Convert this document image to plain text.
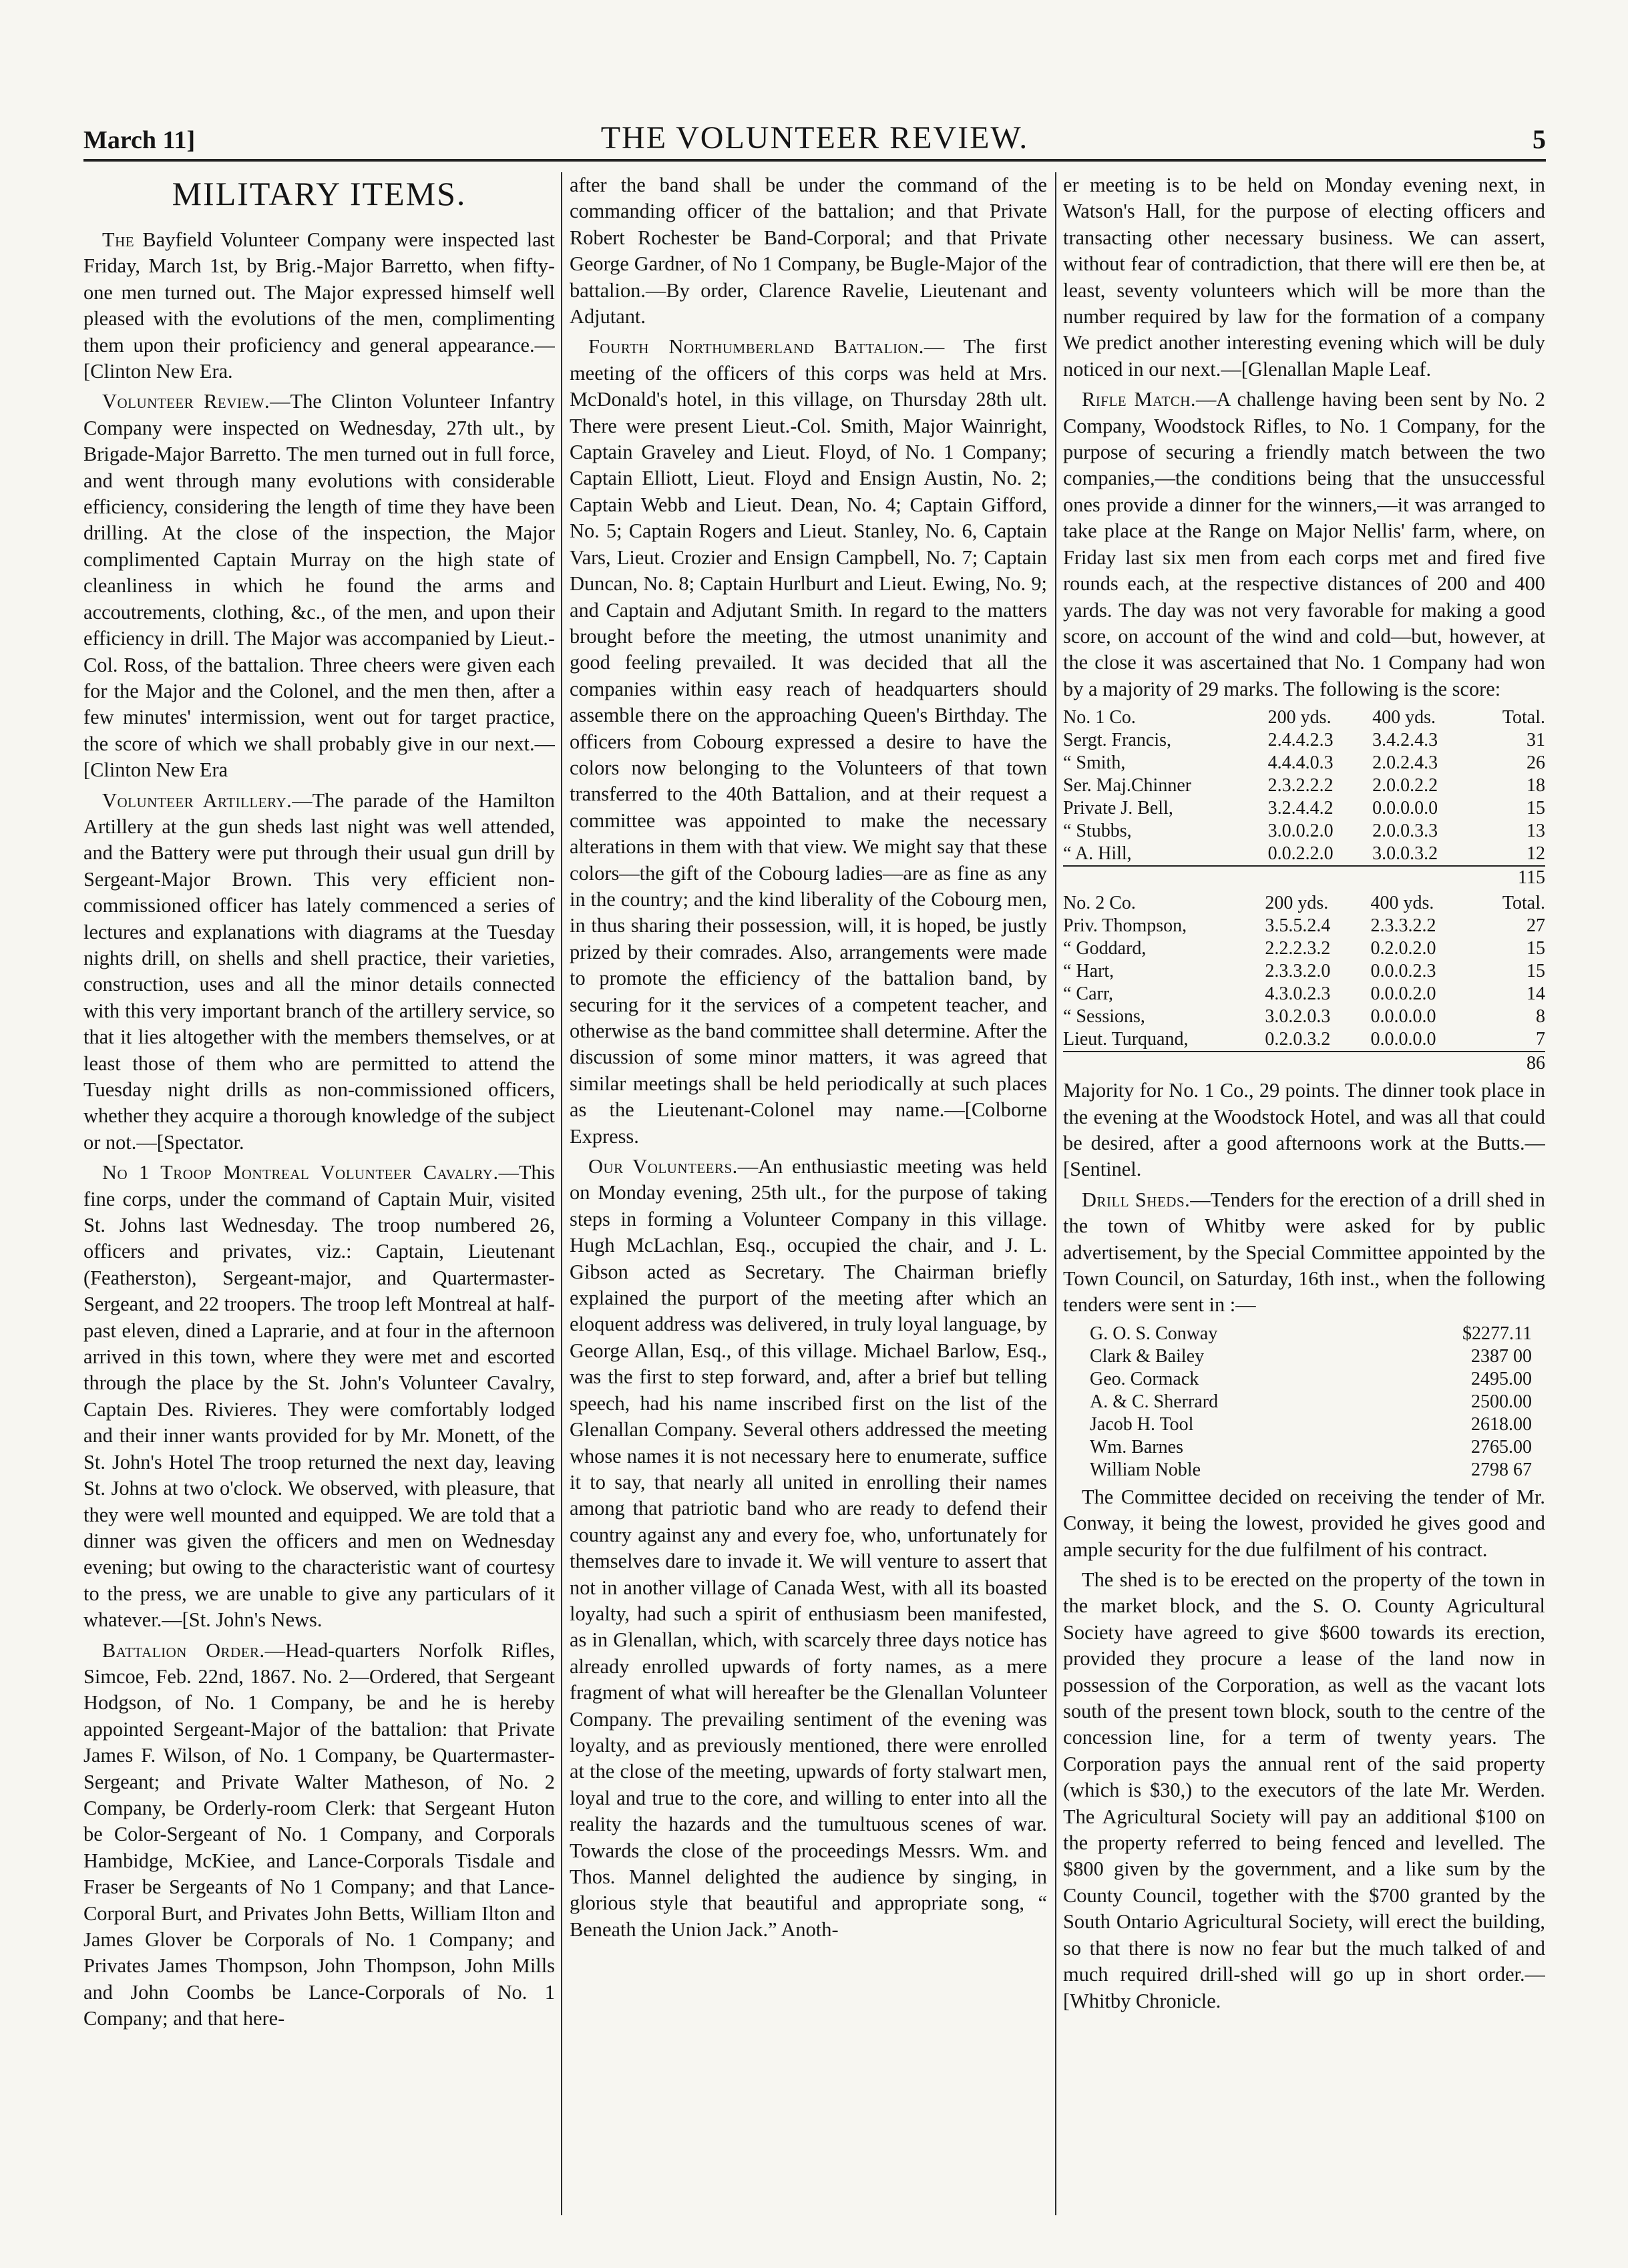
March 11]	THE VOLUNTEER REVIEW.	5
MILITARY ITEMS.

The Bayfield Volunteer Company were inspected last Friday, March 1st, by Brig.-Major Barretto, when fifty-one men turned out. The Major expressed himself well pleased with the evolutions of the men, complimenting them upon their proficiency and general appearance.—[Clinton New Era.

Volunteer Review.—The Clinton Volunteer Infantry Company were inspected on Wednesday, 27th ult., by Brigade-Major Barretto. The men turned out in full force, and went through many evolutions with considerable efficiency, considering the length of time they have been drilling. At the close of the inspection, the Major complimented Captain Murray on the high state of cleanliness in which he found the arms and accoutrements, clothing, &c., of the men, and upon their efficiency in drill. The Major was accompanied by Lieut.-Col. Ross, of the battalion. Three cheers were given each for the Major and the Colonel, and the men then, after a few minutes' intermission, went out for target practice, the score of which we shall probably give in our next.—[Clinton New Era

Volunteer Artillery.—The parade of the Hamilton Artillery at the gun sheds last night was well attended, and the Battery were put through their usual gun drill by Sergeant-Major Brown. This very efficient non-commissioned officer has lately commenced a series of lectures and explanations with diagrams at the Tuesday nights drill, on shells and shell practice, their varieties, construction, uses and all the minor details connected with this very important branch of the artillery service, so that it lies altogether with the members themselves, or at least those of them who are permitted to attend the Tuesday night drills as non-commissioned officers, whether they acquire a thorough knowledge of the subject or not.—[Spectator.

No 1 Troop Montreal Volunteer Cavalry.—This fine corps, under the command of Captain Muir, visited St. Johns last Wednesday. The troop numbered 26, officers and privates, viz.: Captain, Lieutenant (Featherston), Sergeant-major, and Quartermaster-Sergeant, and 22 troopers. The troop left Montreal at half-past eleven, dined a Laprarie, and at four in the afternoon arrived in this town, where they were met and escorted through the place by the St. John's Volunteer Cavalry, Captain Des. Rivieres. They were comfortably lodged and their inner wants provided for by Mr. Monett, of the St. John's Hotel The troop returned the next day, leaving St. Johns at two o'clock. We observed, with pleasure, that they were well mounted and equipped. We are told that a dinner was given the officers and men on Wednesday evening; but owing to the characteristic want of courtesy to the press, we are unable to give any particulars of it whatever.—[St. John's News.

Battalion Order.—Head-quarters Norfolk Rifles, Simcoe, Feb. 22nd, 1867. No. 2—Ordered, that Sergeant Hodgson, of No. 1 Company, be and he is hereby appointed Sergeant-Major of the battalion: that Private James F. Wilson, of No. 1 Company, be Quartermaster-Sergeant; and Private Walter Matheson, of No. 2 Company, be Orderly-room Clerk: that Sergeant Huton be Color-Sergeant of No. 1 Company, and Corporals Hambidge, McKiee, and Lance-Corporals Tisdale and Fraser be Sergeants of No 1 Company; and that Lance-Corporal Burt, and Privates John Betts, William Ilton and James Glover be Corporals of No. 1 Company; and Privates James Thompson, John Thompson, John Mills and John Coombs be Lance-Corporals of No. 1 Company; and that here-

after the band shall be under the command of the commanding officer of the battalion; and that Private Robert Rochester be Band-Corporal; and that Private George Gardner, of No 1 Company, be Bugle-Major of the battalion.—By order, Clarence Ravelie, Lieutenant and Adjutant.

Fourth Northumberland Battalion.— The first meeting of the officers of this corps was held at Mrs. McDonald's hotel, in this village, on Thursday 28th ult. There were present Lieut.-Col. Smith, Major Wainright, Captain Graveley and Lieut. Floyd, of No. 1 Company; Captain Elliott, Lieut. Floyd and Ensign Austin, No. 2; Captain Webb and Lieut. Dean, No. 4; Captain Gifford, No. 5; Captain Rogers and Lieut. Stanley, No. 6, Captain Vars, Lieut. Crozier and Ensign Campbell, No. 7; Captain Duncan, No. 8; Captain Hurlburt and Lieut. Ewing, No. 9; and Captain and Adjutant Smith. In regard to the matters brought before the meeting, the utmost unanimity and good feeling prevailed. It was decided that all the companies within easy reach of headquarters should assemble there on the approaching Queen's Birthday. The officers from Cobourg expressed a desire to have the colors now belonging to the Volunteers of that town transferred to the 40th Battalion, and at their request a committee was appointed to make the necessary alterations in them with that view. We might say that these colors—the gift of the Cobourg ladies—are as fine as any in the country; and the kind liberality of the Cobourg men, in thus sharing their possession, will, it is hoped, be justly prized by their comrades. Also, arrangements were made to promote the efficiency of the battalion band, by securing for it the services of a competent teacher, and otherwise as the band committee shall determine. After the discussion of some minor matters, it was agreed that similar meetings shall be held periodically at such places as the Lieutenant-Colonel may name.—[Colborne Express.

Our Volunteers.—An enthusiastic meeting was held on Monday evening, 25th ult., for the purpose of taking steps in forming a Volunteer Company in this village. Hugh McLachlan, Esq., occupied the chair, and J. L. Gibson acted as Secretary. The Chairman briefly explained the purport of the meeting after which an eloquent address was delivered, in truly loyal language, by George Allan, Esq., of this village. Michael Barlow, Esq., was the first to step forward, and, after a brief but telling speech, had his name inscribed first on the list of the Glenallan Company. Several others addressed the meeting whose names it is not necessary here to enumerate, suffice it to say, that nearly all united in enrolling their names among that patriotic band who are ready to defend their country against any and every foe, who, unfortunately for themselves dare to invade it. We will venture to assert that not in another village of Canada West, with all its boasted loyalty, had such a spirit of enthusiasm been manifested, as in Glenallan, which, with scarcely three days notice has already enrolled upwards of forty names, as a mere fragment of what will hereafter be the Glenallan Volunteer Company. The prevailing sentiment of the evening was loyalty, and as previously mentioned, there were enrolled at the close of the meeting, upwards of forty stalwart men, loyal and true to the core, and willing to enter into all the reality the hazards and the tumultuous scenes of war. Towards the close of the proceedings Messrs. Wm. and Thos. Mannel delighted the audience by singing, in glorious style that beautiful and appropriate song, “ Beneath the Union Jack.” Anoth-

er meeting is to be held on Monday evening next, in Watson's Hall, for the purpose of electing officers and transacting other necessary business. We can assert, without fear of contradiction, that there will ere then be, at least, seventy volunteers which will be more than the number required by law for the formation of a company We predict another interesting evening which will be duly noticed in our next.—[Glenallan Maple Leaf.

Rifle Match.—A challenge having been sent by No. 2 Company, Woodstock Rifles, to No. 1 Company, for the purpose of securing a friendly match between the two companies,—the conditions being that the unsuccessful ones provide a dinner for the winners,—it was arranged to take place at the Range on Major Nellis' farm, where, on Friday last six men from each corps met and fired five rounds each, at the respective distances of 200 and 400 yards. The day was not very favorable for making a good score, on account of the wind and cold—but, however, at the close it was ascertained that No. 1 Company had won by a majority of 29 marks. The following is the score:

No. 1 Co.	200 yds.	400 yds.	Total.
Sergt. Francis,	2.4.4.2.3	3.4.2.4.3	31
“ Smith,	4.4.4.0.3	2.0.2.4.3	26
Ser. Maj.Chinner	2.3.2.2.2	2.0.0.2.2	18
Private J. Bell,	3.2.4.4.2	0.0.0.0.0	15
“ Stubbs,	3.0.0.2.0	2.0.0.3.3	13
“ A. Hill,	0.0.2.2.0	3.0.0.3.2	12
115			
No. 2 Co.	200 yds.	400 yds.	Total.
Priv. Thompson,	3.5.5.2.4	2.3.3.2.2	27
“ Goddard,	2.2.2.3.2	0.2.0.2.0	15
“ Hart,	2.3.3.2.0	0.0.0.2.3	15
“ Carr,	4.3.0.2.3	0.0.0.2.0	14
“ Sessions,	3.0.2.0.3	0.0.0.0.0	8
Lieut. Turquand,	0.2.0.3.2	0.0.0.0.0	7
86			

Majority for No. 1 Co., 29 points. The dinner took place in the evening at the Woodstock Hotel, and was all that could be desired, after a good afternoons work at the Butts.—[Sentinel.

Drill Sheds.—Tenders for the erection of a drill shed in the town of Whitby were asked for by public advertisement, by the Special Committee appointed by the Town Council, on Saturday, 16th inst., when the following tenders were sent in :—

G. O. S. Conway	$2277.11
Clark & Bailey	2387 00
Geo. Cormack	2495.00
A. & C. Sherrard	2500.00
Jacob H. Tool	2618.00
Wm. Barnes	2765.00
William Noble	2798 67

The Committee decided on receiving the tender of Mr. Conway, it being the lowest, provided he gives good and ample security for the due fulfilment of his contract.

The shed is to be erected on the property of the town in the market block, and the S. O. County Agricultural Society have agreed to give $600 towards its erection, provided they procure a lease of the land now in possession of the Corporation, as well as the vacant lots south of the present town block, south to the centre of the concession line, for a term of twenty years. The Corporation pays the annual rent of the said property (which is $30,) to the executors of the late Mr. Werden. The Agricultural Society will pay an additional $100 on the property referred to being fenced and levelled. The $800 given by the government, and a like sum by the County Council, together with the $700 granted by the South Ontario Agricultural Society, will erect the building, so that there is now no fear but the much talked of and much required drill-shed will go up in short order.—[Whitby Chronicle.
